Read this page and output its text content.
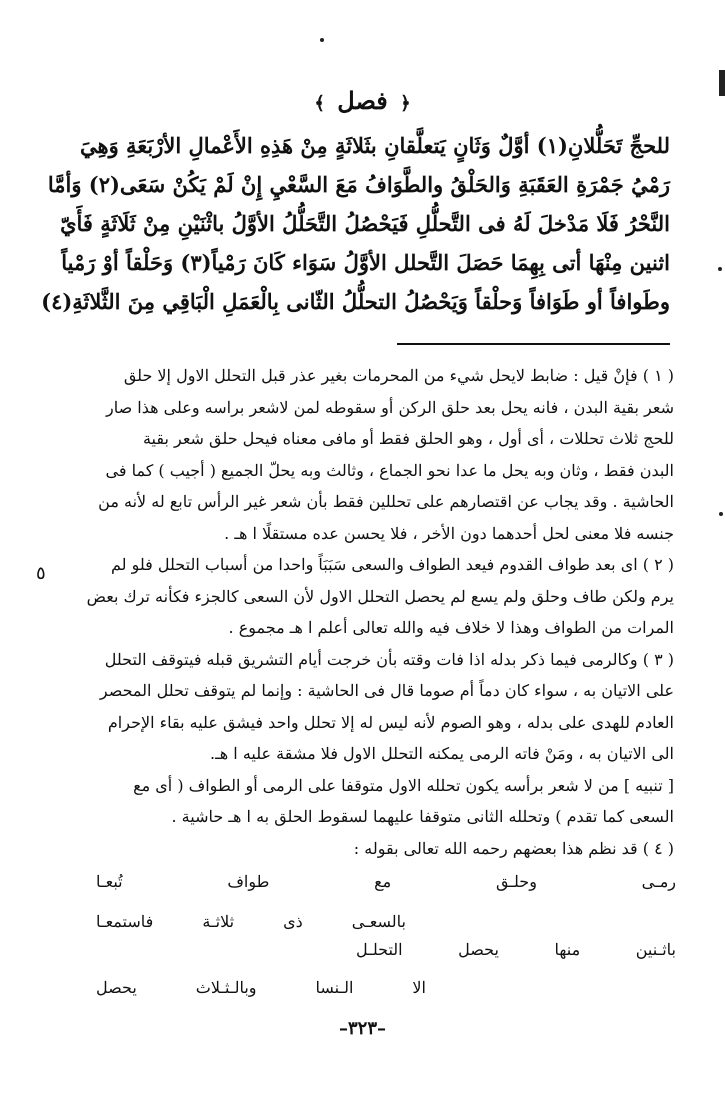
﴿ فصل ﴾
للحجِّ تَحَلُّلانِ(١) أوَّلٌ وَثَانٍ يَتعلَّقانِ بثَلاثَةٍ مِنْ هَذِهِ الأَعْمالِ الأرْبَعَةِ وَهِيَ
رَمْيُ جَمْرَةِ العَقَبَةِ وَالحَلْقُ والطَّوَافُ مَعَ السَّعْيِ إِنْ لَمْ يَكُنْ سَعَى(٢) وَأمَّا
النَّحْرُ فَلَا مَدْخلَ لَهُ فى التَّحلُّلِ فَيَحْصُلُ التَّحَلُّلُ الأوَّلُ باثْنَيْنِ مِنْ ثَلَاثَةٍ فَأَيّ
اثنين مِنْهَا أتى بِهِمَا حَصَلَ التَّحلل الأوَّلُ سَوَاء كَانَ رَمْياً(٣) وَحَلْقاً أوْ رَمْياً
وطَوافاً أو طَوَافاً وَحلْقاً وَيَحْصُلُ التحلُّلُ الثّانى بِالْعَمَلِ الْبَاقِي مِنَ الثَّلاثَةِ(٤)
( ١ ) فإنْ قيل : ضابط لايحل شيء من المحرمات بغير عذر قبل التحلل الاول إلا حلق
شعر بقية البدن ، فانه يحل بعد حلق الركن أو سقوطه لمن لاشعر براسه وعلى هذا صار
للحج ثلاث تحللات ، أى أول ، وهو الحلق فقط أو مافى معناه فيحل حلق شعر بقية
البدن فقط ، وثان وبه يحل ما عدا نحو الجماع ، وثالث وبه يحلّ الجميع ( أجيب ) كما فى
الحاشية . وقد يجاب عن اقتصارهم على تحللين فقط بأن شعر غير الرأس تابع له لأنه من
جنسه فلا معنى لحل أحدهما دون الأخر ، فلا يحسن عده مستقلًا ا هـ .
( ٢ ) اى بعد طواف القدوم فيعد الطواف والسعى سَبَبَاً واحدا من أسباب التحلل فلو لم
يرم ولكن طاف وحلق ولم يسع لم يحصل التحلل الاول لأن السعى كالجزء فكأنه ترك بعض
المرات من الطواف وهذا لا خلاف فيه والله تعالى أعلم ا هـ مجموع .
( ٣ ) وكالرمى فيما ذكر بدله اذا فات وقته بأن خرجت أيام التشريق قبله فيتوقف التحلل
على الاتيان به ، سواء كان دماً أم صوما قال فى الحاشية : وإنما لم يتوقف تحلل المحصر
العادم للهدى على بدله ، وهو الصوم لأنه ليس له إلا تحلل واحد فيشق عليه بقاء الإحرام
الى الاتيان به ، ومَنْ فاته الرمى يمكنه التحلل الاول فلا مشقة عليه ا هـ.
[ تنبيه ] من لا شعر برأسه يكون تحلله الاول متوقفا على الرمى أو الطواف ( أى مع
السعى كما تقدم ) وتحلله الثانى متوقفا عليهما لسقوط الحلق به ا هـ حاشية .
( ٤ ) قد نظم هذا بعضهم رحمه الله تعالى بقوله :
٥
رمـى
وحلـق
مع
طواف
تُبعـا
بالسعـى
ذى
ثلاثـة
فاستمعـا
باثـنين
منها
يحصل
التحلـل
الا
الـنسا
وبالـثـلاث
يحصل
–٣٢٣–
